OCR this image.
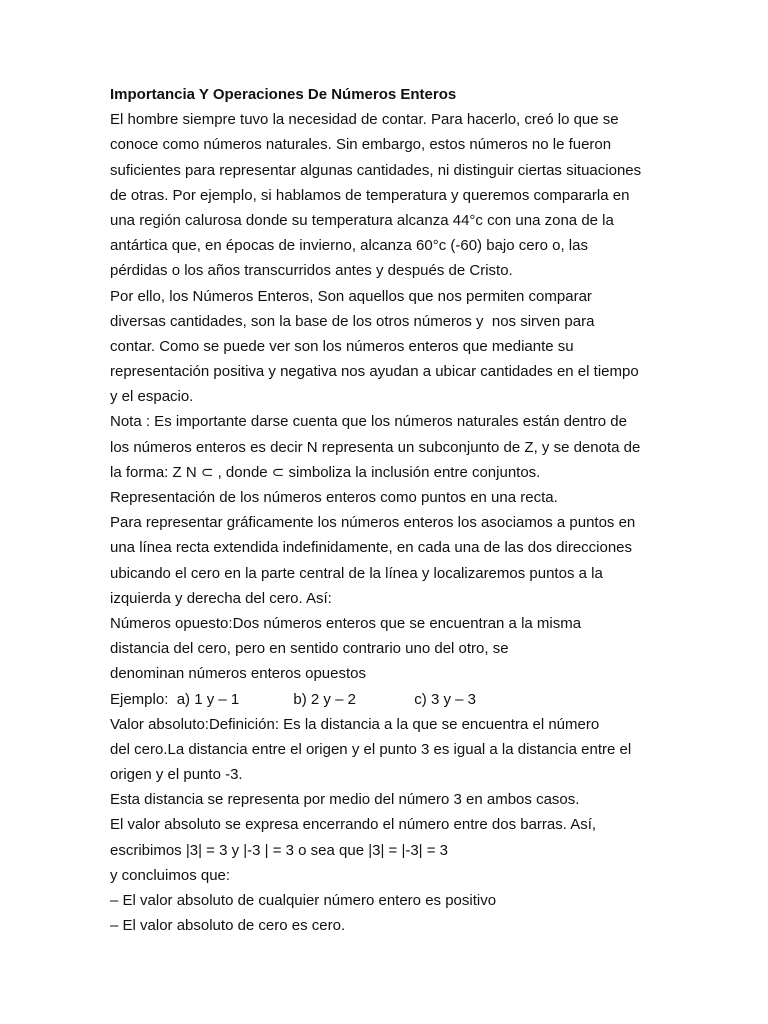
Importancia Y Operaciones De Números Enteros
El hombre siempre tuvo la necesidad de contar. Para hacerlo, creó lo que se
conoce como números naturales. Sin embargo, estos números no le fueron
suficientes para representar algunas cantidades, ni distinguir ciertas situaciones
de otras. Por ejemplo, si hablamos de temperatura y queremos compararla en
una región calurosa donde su temperatura alcanza 44°c con una zona de la
antártica que, en épocas de invierno, alcanza 60°c (-60) bajo cero o, las
pérdidas o los años transcurridos antes y después de Cristo.
Por ello, los Números Enteros, Son aquellos que nos permiten comparar
diversas cantidades, son la base de los otros números y  nos sirven para
contar. Como se puede ver son los números enteros que mediante su
representación positiva y negativa nos ayudan a ubicar cantidades en el tiempo
y el espacio.
Nota : Es importante darse cuenta que los números naturales están dentro de
los números enteros es decir N representa un subconjunto de Z, y se denota de
la forma: Z N ⊂ , donde ⊂ simboliza la inclusión entre conjuntos.
Representación de los números enteros como puntos en una recta.
Para representar gráficamente los números enteros los asociamos a puntos en
una línea recta extendida indefinidamente, en cada una de las dos direcciones
ubicando el cero en la parte central de la línea y localizaremos puntos a la
izquierda y derecha del cero. Así:
Números opuesto:Dos números enteros que se encuentran a la misma
distancia del cero, pero en sentido contrario uno del otro, se
denominan números enteros opuestos
Ejemplo:  a) 1 y – 1             b) 2 y – 2              c) 3 y – 3
Valor absoluto:Definición: Es la distancia a la que se encuentra el número
del cero.La distancia entre el origen y el punto 3 es igual a la distancia entre el
origen y el punto -3.
Esta distancia se representa por medio del número 3 en ambos casos.
El valor absoluto se expresa encerrando el número entre dos barras. Así,
escribimos |3| = 3 y |-3 | = 3 o sea que |3| = |-3| = 3
y concluimos que:
– El valor absoluto de cualquier número entero es positivo
– El valor absoluto de cero es cero.
